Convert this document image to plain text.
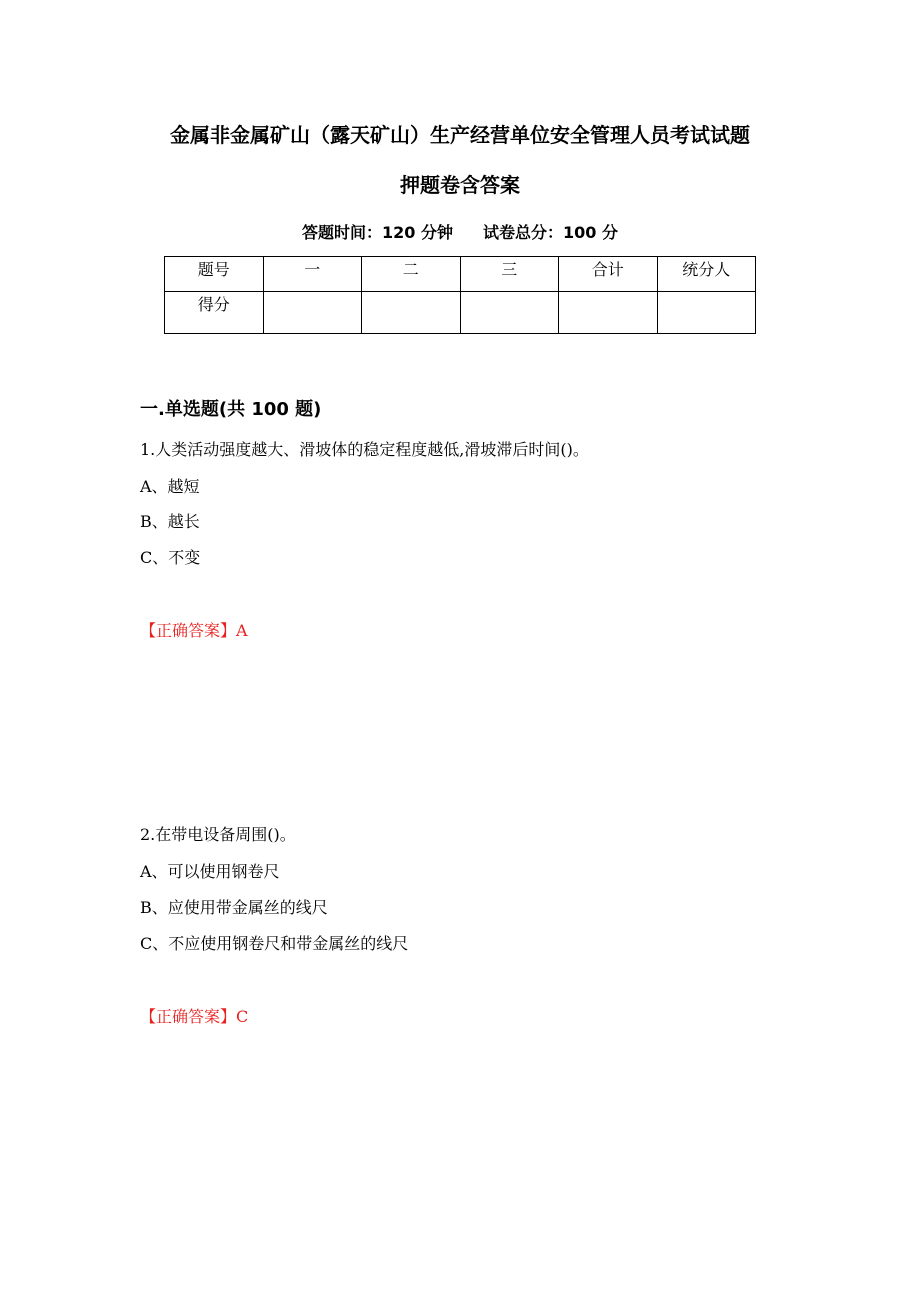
金属非金属矿山（露天矿山）生产经营单位安全管理人员考试试题
押题卷含答案
答题时间：120 分钟 试卷总分：100 分
题号	一	二	三	合计	统分人
得分					
一.单选题(共 100 题)
1.人类活动强度越大、滑坡体的稳定程度越低,滑坡滞后时间()。
A、越短
B、越长
C、不变
【正确答案】A
2.在带电设备周围()。
A、可以使用钢卷尺
B、应使用带金属丝的线尺
C、不应使用钢卷尺和带金属丝的线尺
【正确答案】C
